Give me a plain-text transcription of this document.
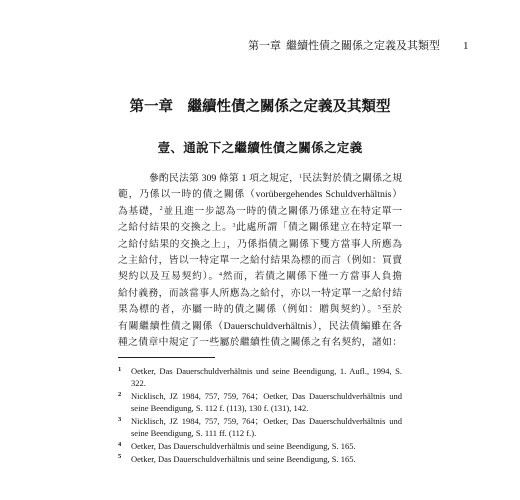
第一章 繼續性債之關係之定義及其類型 1
第一章 繼續性債之關係之定義及其類型
壹、通說下之繼續性債之關係之定義
參酌民法第 309 條第 1 項之規定，$^1$民法對於債之關係之規
範，乃係以一時的債之關係（vorübergehendes Schuldverhältnis）
為基礎，$^2$並且進一步認為一時的債之關係乃係建立在特定單一
之給付結果的交換之上。$^3$此處所謂「債之關係建立在特定單一
之給付結果的交換之上」，乃係指債之關係下雙方當事人所應為
之主給付，皆以一特定單一之給付結果為標的而言（例如：買賣
契約以及互易契約）。$^4$然而，若債之關係下僅一方當事人負擔
給付義務，而該當事人所應為之給付，亦以一特定單一之給付結
果為標的者，亦屬一時的債之關係（例如：贈與契約）。$^5$至於
有關繼續性債之關係（Dauerschuldverhältnis），民法債編雖在各
種之債章中規定了一些屬於繼續性債之關係之有名契約，諸如：
1	Oetker, Das Dauerschuldverhältnis und seine Beendigung, 1. Aufl., 1994, S. 322.
2	Nicklisch, JZ 1984, 757, 759, 764；Oetker, Das Dauerschuldverhältnis und seine Beendigung, S. 112 f. (113), 130 f. (131), 142.
3	Nicklisch, JZ 1984, 757, 759, 764；Oetker, Das Dauerschuldverhältnis und seine Beendigung, S. 111 ff. (112 f.).
4	Oetker, Das Dauerschuldverhältnis und seine Beendigung, S. 165.
5	Oetker, Das Dauerschuldverhältnis und seine Beendigung, S. 165.
